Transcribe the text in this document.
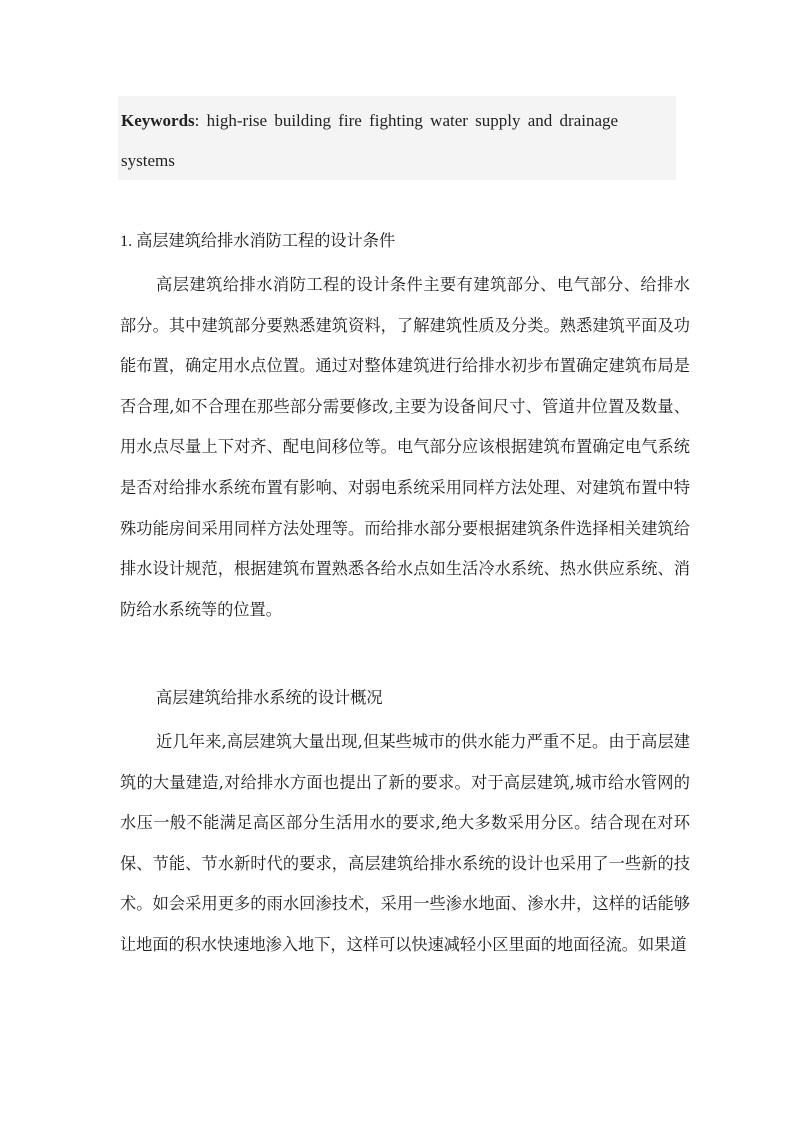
Keywords: high-rise building fire fighting water supply and drainage systems
1. 高层建筑给排水消防工程的设计条件
高层建筑给排水消防工程的设计条件主要有建筑部分、电气部分、给排水部分。其中建筑部分要熟悉建筑资料，了解建筑性质及分类。熟悉建筑平面及功能布置，确定用水点位置。通过对整体建筑进行给排水初步布置确定建筑布局是否合理,如不合理在那些部分需要修改,主要为设备间尺寸、管道井位置及数量、用水点尽量上下对齐、配电间移位等。电气部分应该根据建筑布置确定电气系统是否对给排水系统布置有影响、对弱电系统采用同样方法处理、对建筑布置中特殊功能房间采用同样方法处理等。而给排水部分要根据建筑条件选择相关建筑给排水设计规范，根据建筑布置熟悉各给水点如生活冷水系统、热水供应系统、消防给水系统等的位置。
高层建筑给排水系统的设计概况
近几年来,高层建筑大量出现,但某些城市的供水能力严重不足。由于高层建筑的大量建造,对给排水方面也提出了新的要求。对于高层建筑,城市给水管网的水压一般不能满足高区部分生活用水的要求,绝大多数采用分区。结合现在对环保、节能、节水新时代的要求，高层建筑给排水系统的设计也采用了一些新的技术。如会采用更多的雨水回渗技术，采用一些渗水地面、渗水井，这样的话能够让地面的积水快速地渗入地下，这样可以快速减轻小区里面的地面径流。如果道
